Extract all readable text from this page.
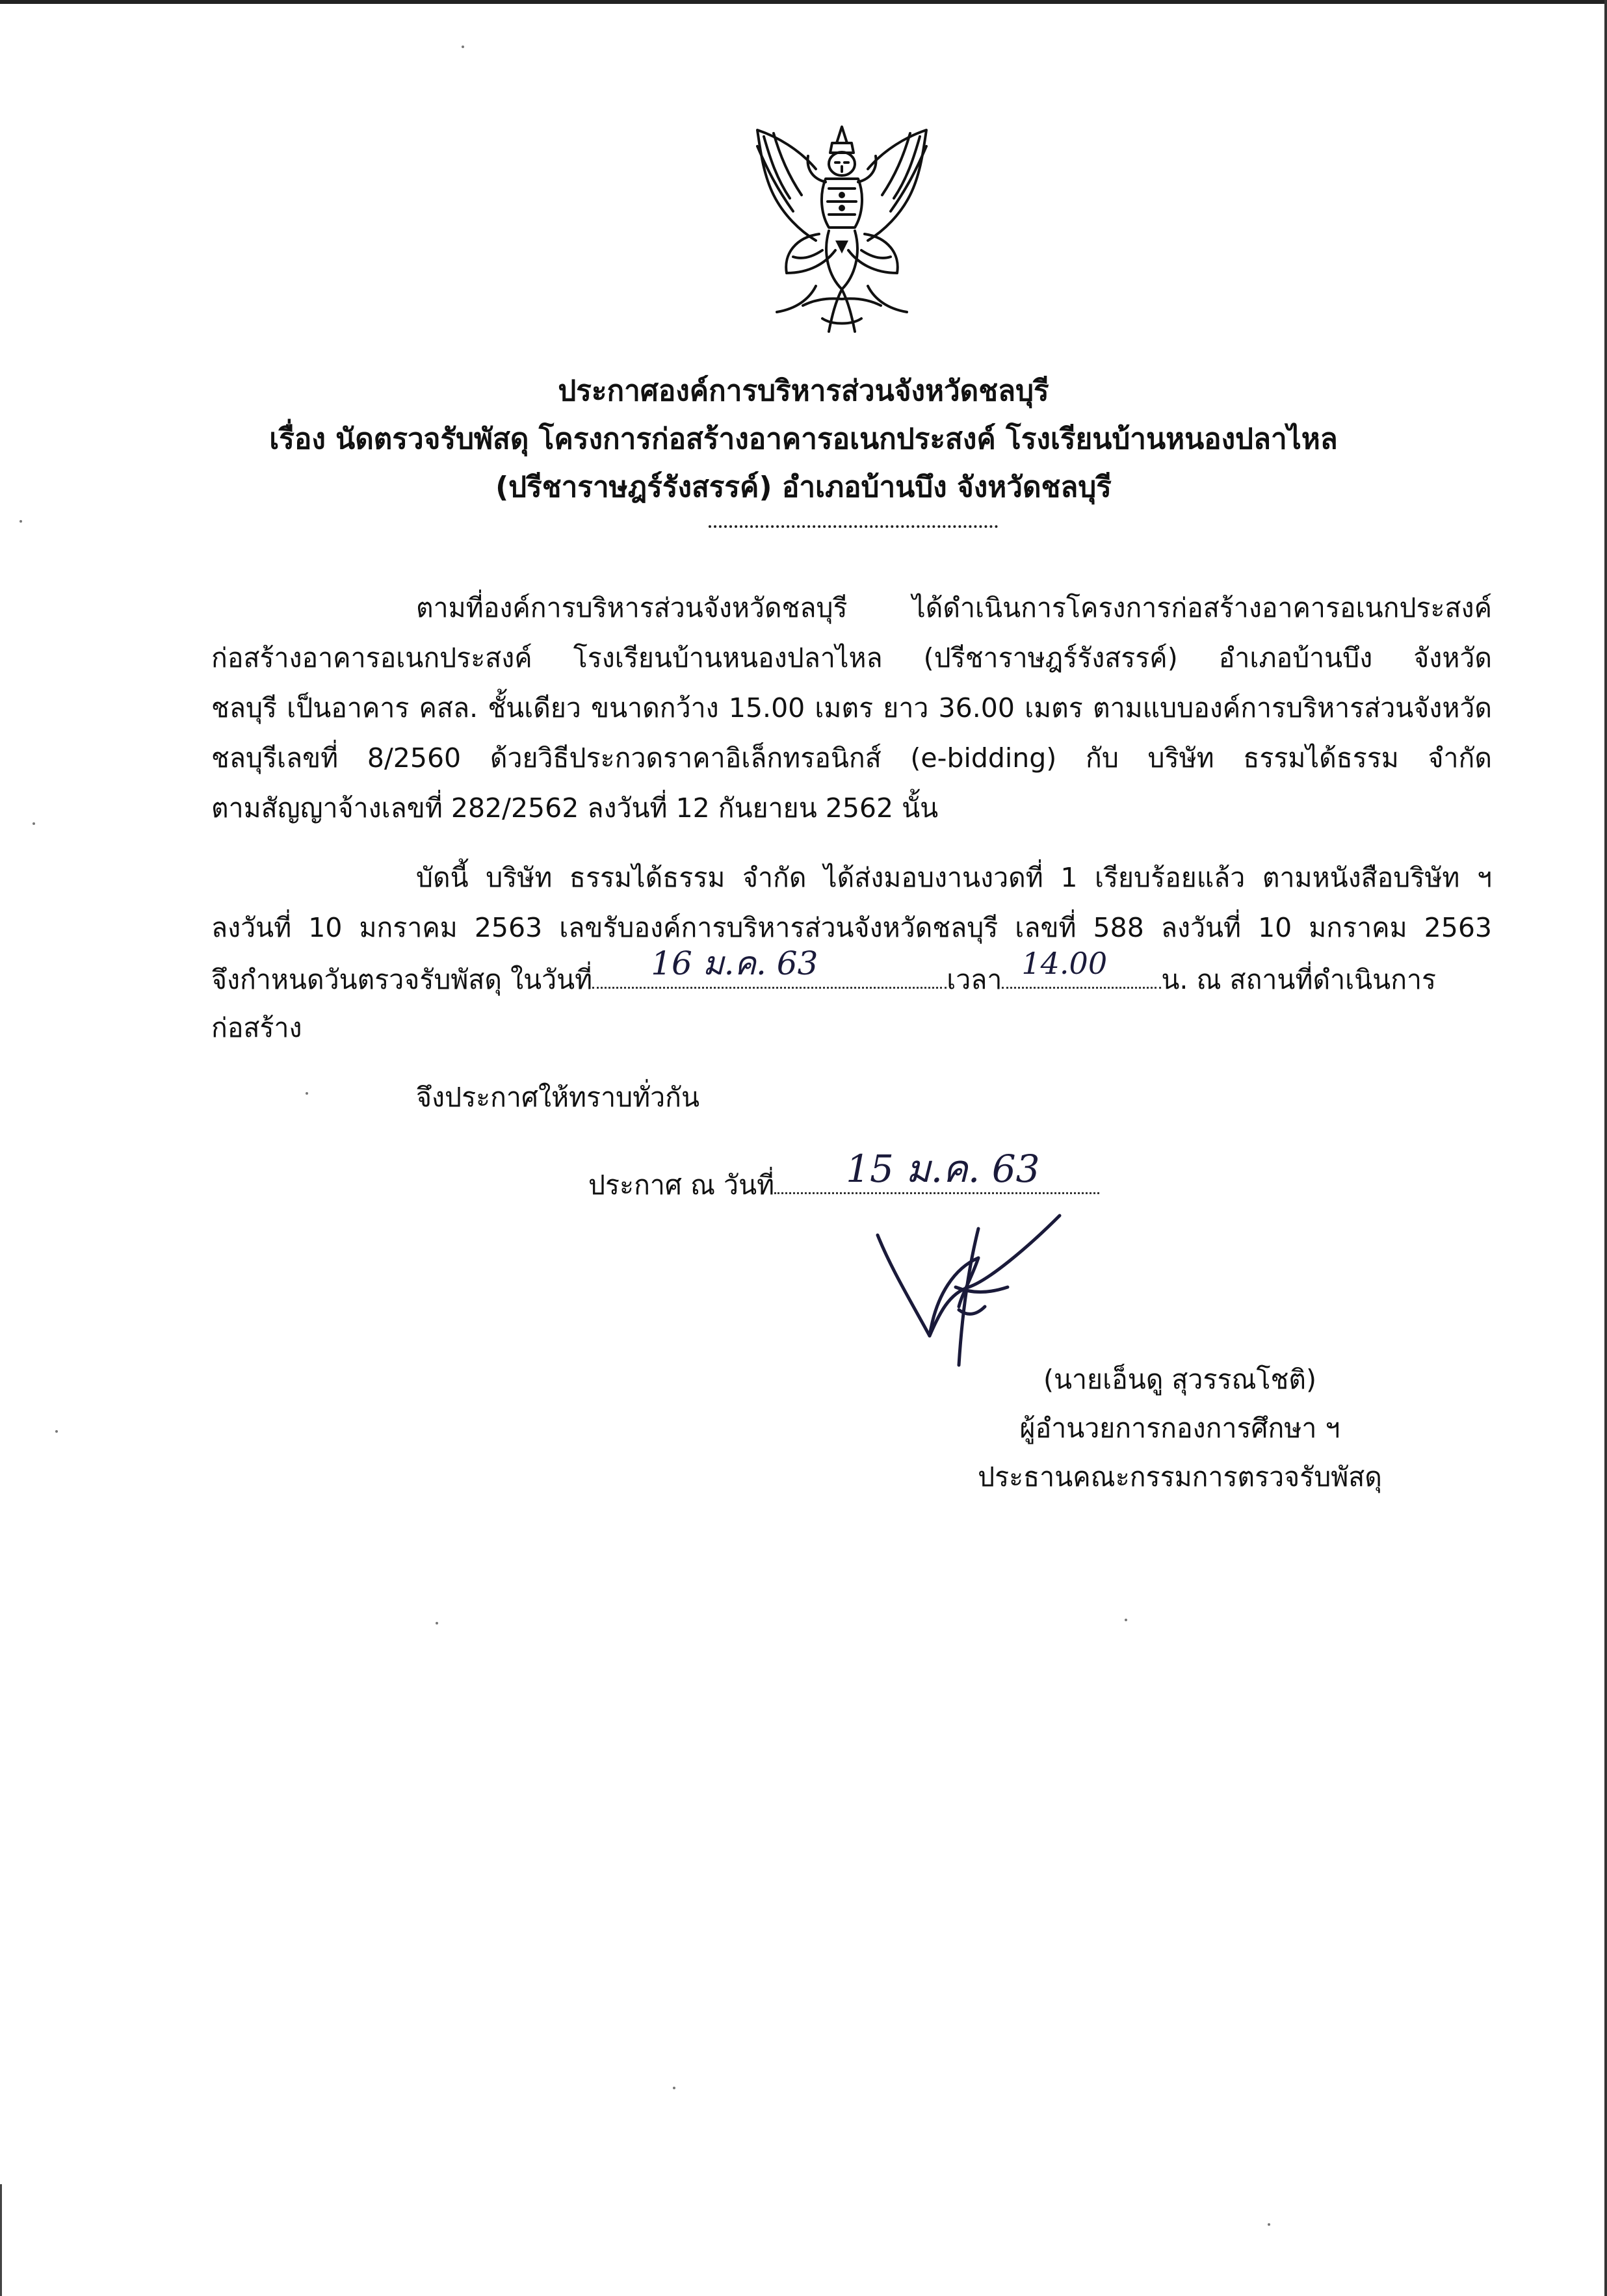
ประกาศองค์การบริหารส่วนจังหวัดชลบุรี
เรื่อง นัดตรวจรับพัสดุ โครงการก่อสร้างอาคารอเนกประสงค์ โรงเรียนบ้านหนองปลาไหล
(ปรีชาราษฎร์รังสรรค์) อำเภอบ้านบึง จังหวัดชลบุรี
ตามที่องค์การบริหารส่วนจังหวัดชลบุรี ได้ดำเนินการโครงการก่อสร้างอาคารอเนกประสงค์
ก่อสร้างอาคารอเนกประสงค์ โรงเรียนบ้านหนองปลาไหล (ปรีชาราษฎร์รังสรรค์) อำเภอบ้านบึง จังหวัด
ชลบุรี เป็นอาคาร คสล. ชั้นเดียว ขนาดกว้าง 15.00 เมตร ยาว 36.00 เมตร ตามแบบองค์การบริหารส่วนจังหวัด
ชลบุรีเลขที่ 8/2560 ด้วยวิธีประกวดราคาอิเล็กทรอนิกส์ (e-bidding) กับ บริษัท ธรรมได้ธรรม จำกัด
ตามสัญญาจ้างเลขที่ 282/2562 ลงวันที่ 12 กันยายน 2562 นั้น
บัดนี้ บริษัท ธรรมได้ธรรม จำกัด ได้ส่งมอบงานงวดที่ 1 เรียบร้อยแล้ว ตามหนังสือบริษัท ฯ
ลงวันที่ 10 มกราคม 2563 เลขรับองค์การบริหารส่วนจังหวัดชลบุรี เลขที่ 588 ลงวันที่ 10 มกราคม 2563
จึงกำหนดวันตรวจรับพัสดุ ในวันที่ 16 ม.ค. 63	เวลา 14.00 น. ณ สถานที่ดำเนินการ
ก่อสร้าง
จึงประกาศให้ทราบทั่วกัน
ประกาศ ณ วันที่ 15 ม.ค. 63
(นายเอ็นดู สุวรรณโชติ)
ผู้อำนวยการกองการศึกษา ฯ
ประธานคณะกรรมการตรวจรับพัสดุ
